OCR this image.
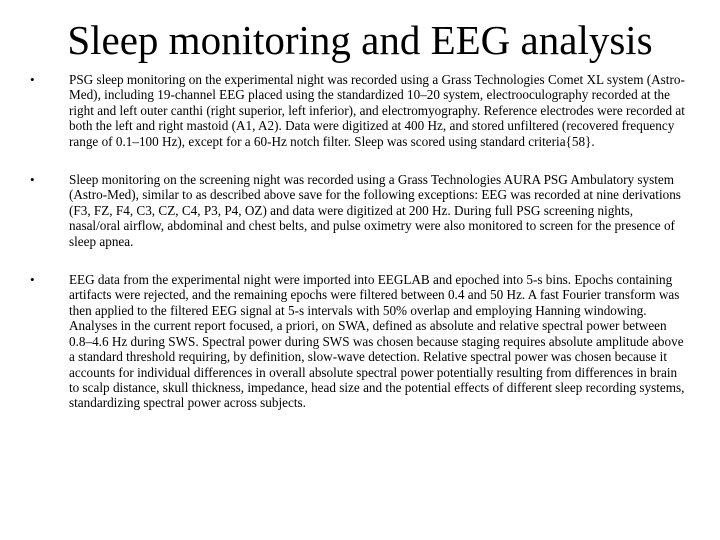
Sleep monitoring and EEG analysis
•	PSG sleep monitoring on the experimental night was recorded using a Grass Technologies Comet XL system (Astro-Med), including 19-channel EEG placed using the standardized 10–20 system, electrooculography recorded at the right and left outer canthi (right superior, left inferior), and electromyography. Reference electrodes were recorded at both the left and right mastoid (A1, A2). Data were digitized at 400 Hz, and stored unfiltered (recovered frequency range of 0.1–100 Hz), except for a 60-Hz notch filter. Sleep was scored using standard criteria{58}.
•	Sleep monitoring on the screening night was recorded using a Grass Technologies AURA PSG Ambulatory system (Astro-Med), similar to as described above save for the following exceptions: EEG was recorded at nine derivations (F3, FZ, F4, C3, CZ, C4, P3, P4, OZ) and data were digitized at 200 Hz. During full PSG screening nights, nasal/oral airflow, abdominal and chest belts, and pulse oximetry were also monitored to screen for the presence of sleep apnea.
•	EEG data from the experimental night were imported into EEGLAB and epoched into 5-s bins. Epochs containing artifacts were rejected, and the remaining epochs were filtered between 0.4 and 50 Hz. A fast Fourier transform was then applied to the filtered EEG signal at 5-s intervals with 50% overlap and employing Hanning windowing. Analyses in the current report focused, a priori, on SWA, defined as absolute and relative spectral power between 0.8–4.6 Hz during SWS. Spectral power during SWS was chosen because staging requires absolute amplitude above a standard threshold requiring, by definition, slow-wave detection. Relative spectral power was chosen because it accounts for individual differences in overall absolute spectral power potentially resulting from differences in brain to scalp distance, skull thickness, impedance, head size and the potential effects of different sleep recording systems, standardizing spectral power across subjects.
